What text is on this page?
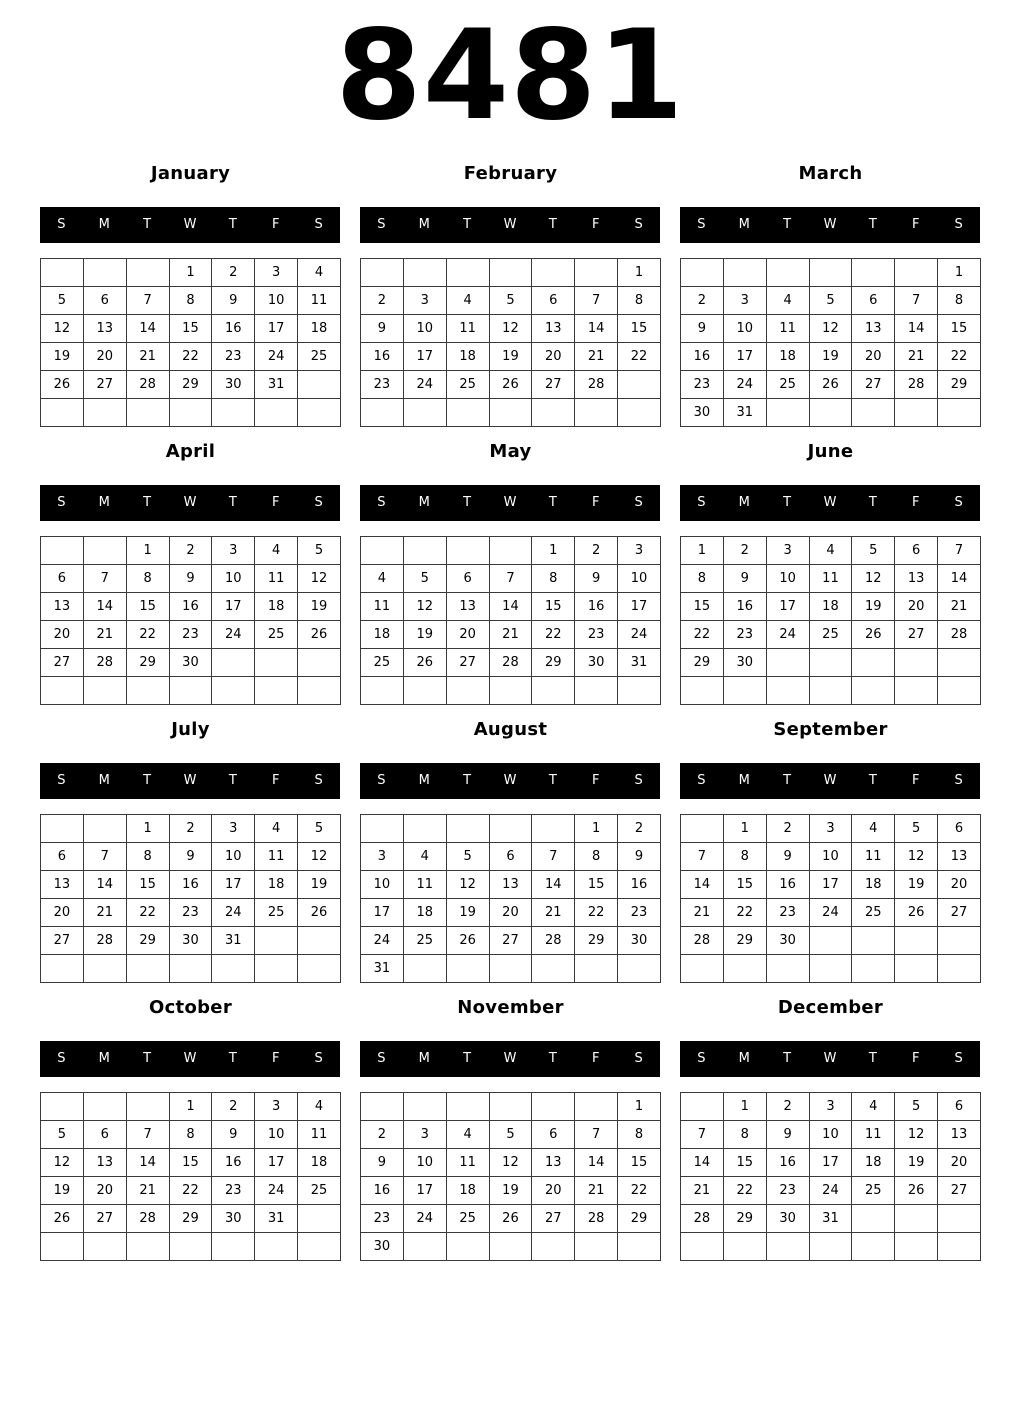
8481
January
S	M	T	W	T	F	S
			1	2	3	4
5	6	7	8	9	10	11
12	13	14	15	16	17	18
19	20	21	22	23	24	25
26	27	28	29	30	31	

February
S	M	T	W	T	F	S
						1
2	3	4	5	6	7	8
9	10	11	12	13	14	15
16	17	18	19	20	21	22
23	24	25	26	27	28	

March
S	M	T	W	T	F	S
						1
2	3	4	5	6	7	8
9	10	11	12	13	14	15
16	17	18	19	20	21	22
23	24	25	26	27	28	29
30	31					
April
S	M	T	W	T	F	S
		1	2	3	4	5
6	7	8	9	10	11	12
13	14	15	16	17	18	19
20	21	22	23	24	25	26
27	28	29	30			

May
S	M	T	W	T	F	S
				1	2	3
4	5	6	7	8	9	10
11	12	13	14	15	16	17
18	19	20	21	22	23	24
25	26	27	28	29	30	31

June
S	M	T	W	T	F	S
1	2	3	4	5	6	7
8	9	10	11	12	13	14
15	16	17	18	19	20	21
22	23	24	25	26	27	28
29	30					

July
S	M	T	W	T	F	S
		1	2	3	4	5
6	7	8	9	10	11	12
13	14	15	16	17	18	19
20	21	22	23	24	25	26
27	28	29	30	31		

August
S	M	T	W	T	F	S
					1	2
3	4	5	6	7	8	9
10	11	12	13	14	15	16
17	18	19	20	21	22	23
24	25	26	27	28	29	30
31						
September
S	M	T	W	T	F	S
	1	2	3	4	5	6
7	8	9	10	11	12	13
14	15	16	17	18	19	20
21	22	23	24	25	26	27
28	29	30				

October
S	M	T	W	T	F	S
			1	2	3	4
5	6	7	8	9	10	11
12	13	14	15	16	17	18
19	20	21	22	23	24	25
26	27	28	29	30	31	

November
S	M	T	W	T	F	S
						1
2	3	4	5	6	7	8
9	10	11	12	13	14	15
16	17	18	19	20	21	22
23	24	25	26	27	28	29
30						
December
S	M	T	W	T	F	S
	1	2	3	4	5	6
7	8	9	10	11	12	13
14	15	16	17	18	19	20
21	22	23	24	25	26	27
28	29	30	31			
